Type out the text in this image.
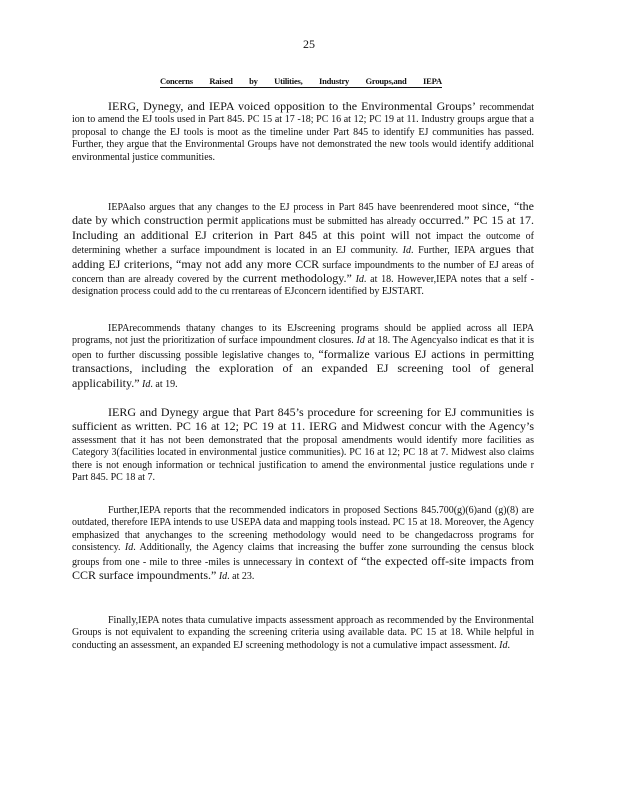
25
Concerns Raised by Utilities, Industry Groups,and IEPA

IERG, Dynegy, and IEPA voiced opposition to the Environmental Groups’ recommendat ion to amend the EJ tools used in Part 845. PC 15 at 17 -18; PC 16 at 12; PC 19 at 11. Industry groups argue that a proposal to change the EJ tools is moot as the timeline under Part 845 to identify EJ communities has passed. Further, they argue that the Environmental Groups have not demonstrated the new tools would identify additional environmental justice communities.

IEPAalso argues that any changes to the EJ process in Part 845 have beenrendered moot since, “the date by which construction permit applications must be submitted has already occurred.” PC 15 at 17. Including an additional EJ criterion in Part 845 at this point will not impact the outcome of determining whether a surface impoundment is located in an EJ community. Id. Further, IEPA argues that adding EJ criterions, “may not add any more CCR surface impoundments to the number of EJ areas of concern than are already covered by the current methodology.” Id. at 18. However,IEPA notes that a self -designation process could add to the cu rrentareas of EJconcern identified by EJSTART.

IEPArecommends thatany changes to its EJscreening programs should be applied across all IEPA programs, not just the prioritization of surface impoundment closures. Id at 18. The Agencyalso indicat es that it is open to further discussing possible legislative changes to, “formalize various EJ actions in permitting transactions, including the exploration of an expanded EJ screening tool of general applicability.” Id. at 19.

IERG and Dynegy argue that Part 845’s procedure for screening for EJ communities is sufficient as written. PC 16 at 12; PC 19 at 11. IERG and Midwest concur with the Agency’s assessment that it has not been demonstrated that the proposal amendments would identify more facilities as Category 3(facilities located in environmental justice communities). PC 16 at 12; PC 18 at 7. Midwest also claims there is not enough information or technical justification to amend the environmental justice regulations unde r Part 845. PC 18 at 7.

Further,IEPA reports that the recommended indicators in proposed Sections 845.700(g)(6)and (g)(8) are outdated, therefore IEPA intends to use USEPA data and mapping tools instead. PC 15 at 18. Moreover, the Agency emphasized that anychanges to the screening methodology would need to be changedacross programs for consistency. Id. Additionally, the Agency claims that increasing the buffer zone surrounding the census block groups from one - mile to three -miles is unnecessary in context of “the expected off-site impacts from CCR surface impoundments.” Id. at 23.

Finally,IEPA notes thata cumulative impacts assessment approach as recommended by the Environmental Groups is not equivalent to expanding the screening criteria using available data. PC 15 at 18. While helpful in conducting an assessment, an expanded EJ screening methodology is not a cumulative impact assessment. Id.
